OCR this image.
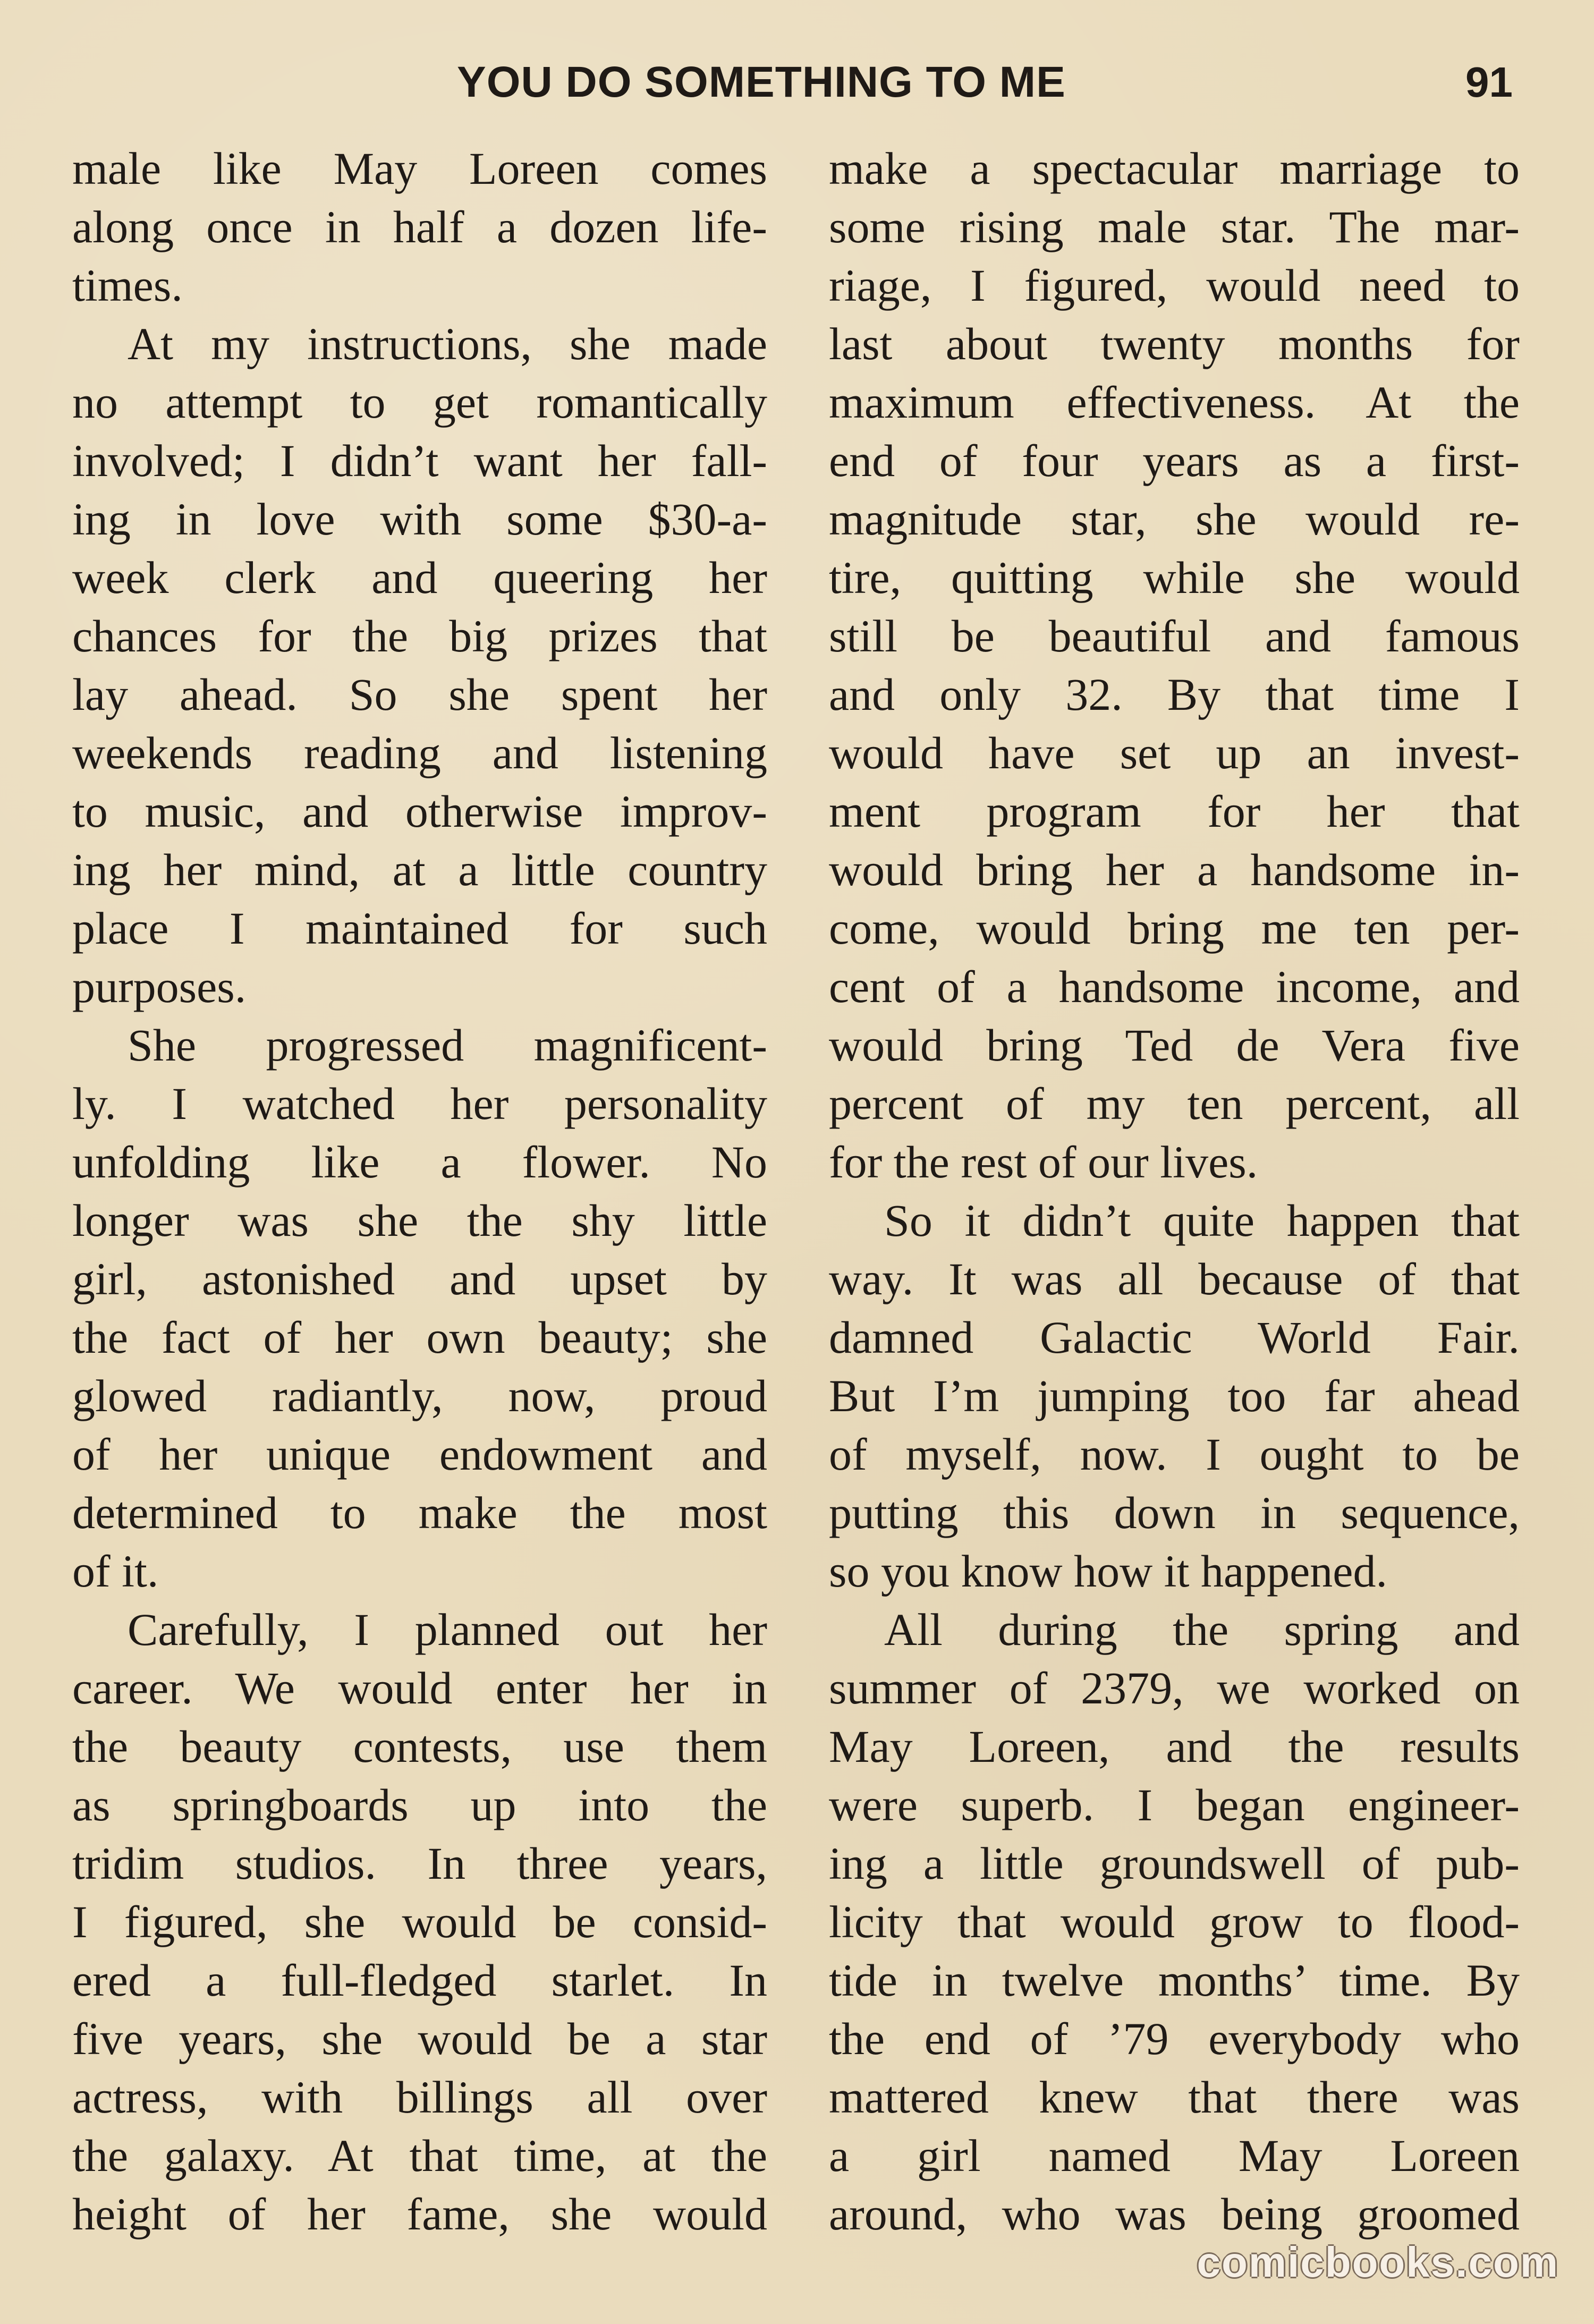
YOU DO SOMETHING TO ME	91
male like May Loreen comes
along once in half a dozen life-
times.
At my instructions, she made
no attempt to get romantically
involved; I didn’t want her fall-
ing in love with some $30-a-
week clerk and queering her
chances for the big prizes that
lay ahead. So she spent her
weekends reading and listening
to music, and otherwise improv-
ing her mind, at a little country
place I maintained for such
purposes.
She progressed magnificent-
ly. I watched her personality
unfolding like a flower. No
longer was she the shy little
girl, astonished and upset by
the fact of her own beauty; she
glowed radiantly, now, proud
of her unique endowment and
determined to make the most
of it.
Carefully, I planned out her
career. We would enter her in
the beauty contests, use them
as springboards up into the
tridim studios. In three years,
I figured, she would be consid-
ered a full-fledged starlet. In
five years, she would be a star
actress, with billings all over
the galaxy. At that time, at the
height of her fame, she would
make a spectacular marriage to
some rising male star. The mar-
riage, I figured, would need to
last about twenty months for
maximum effectiveness. At the
end of four years as a first-
magnitude star, she would re-
tire, quitting while she would
still be beautiful and famous
and only 32. By that time I
would have set up an invest-
ment program for her that
would bring her a handsome in-
come, would bring me ten per-
cent of a handsome income, and
would bring Ted de Vera five
percent of my ten percent, all
for the rest of our lives.
So it didn’t quite happen that
way. It was all because of that
damned Galactic World Fair.
But I’m jumping too far ahead
of myself, now. I ought to be
putting this down in sequence,
so you know how it happened.
All during the spring and
summer of 2379, we worked on
May Loreen, and the results
were superb. I began engineer-
ing a little groundswell of pub-
licity that would grow to flood-
tide in twelve months’ time. By
the end of ’79 everybody who
mattered knew that there was
a girl named May Loreen
around, who was being groomed
comicbooks.com
